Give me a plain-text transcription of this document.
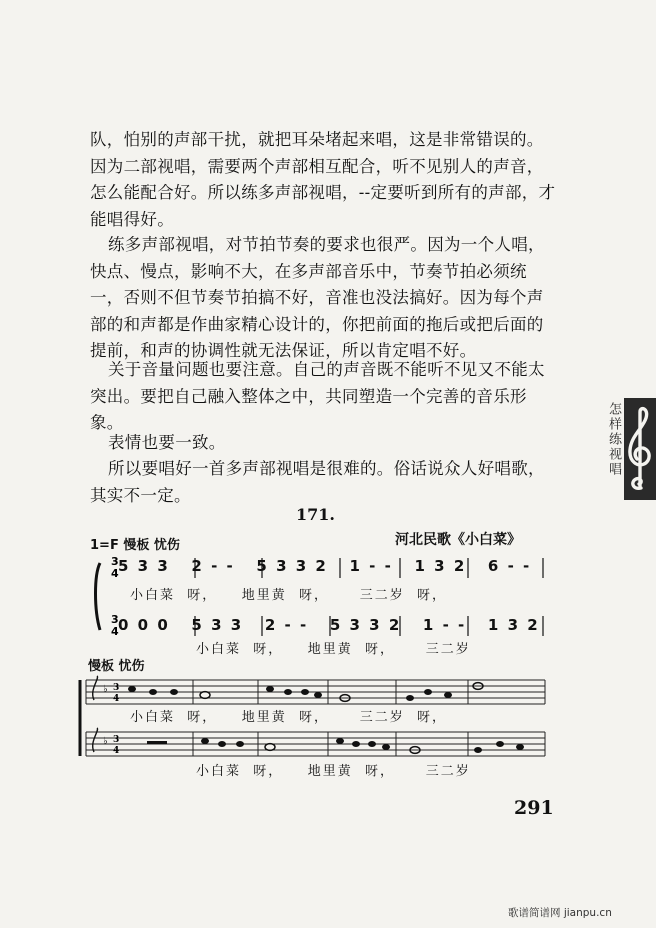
队，怕别的声部干扰，就把耳朵堵起来唱，这是非常错误的。因为二部视唱，需要两个声部相互配合，听不见别人的声音，怎么能配合好。所以练多声部视唱，--定要听到所有的声部，才能唱得好。

练多声部视唱，对节拍节奏的要求也很严。因为一个人唱，快点、慢点，影响不大，在多声部音乐中，节奏节拍必须统一，否则不但节奏节拍搞不好，音准也没法搞好。因为每个声部的和声都是作曲家精心设计的，你把前面的拖后或把后面的提前，和声的协调性就无法保证，所以肯定唱不好。

关于音量问题也要注意。自己的声音既不能听不见又不能太突出。要把自己融入整体之中，共同塑造一个完善的音乐形象。

表情也要一致。

所以要唱好一首多声部视唱是很难的。俗话说众人好唱歌，其实不一定。

怎样练视唱
171.
1=F 慢板 忧伤	河北民歌《小白菜》
5 3 3   2 - -   5 3 3 2   1 - -   1 3 2   6 - -
0 0 0   5 3 3   2 - -   5 3 3 2   1 - -   1 3 2
小白菜  呀，    地里黄  呀，     三二岁  呀，
小白菜  呀，    地里黄  呀，     三二岁
慢板 忧伤
小白菜  呀，    地里黄  呀，     三二岁  呀，
小白菜  呀，    地里黄  呀，     三二岁
3
4
3
4
♭ 3
4
♭ 3
4
291
歌谱简谱网 jianpu.cn
